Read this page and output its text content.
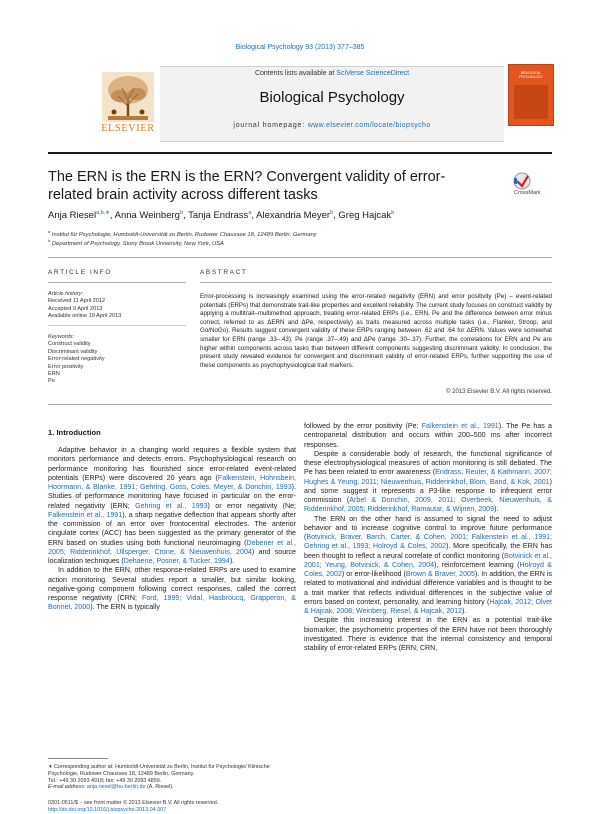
Biological Psychology 93 (2013) 377–385
Contents lists available at SciVerse ScienceDirect
Biological Psychology
journal homepage: www.elsevier.com/locate/biopsycho
ELSEVIER
BIOLOGICAL PSYCHOLOGY
The ERN is the ERN is the ERN? Convergent validity of error-related brain activity across different tasks	CrossMark
Anja Riesel$^{a,b,∗}$, Anna Weinberg$^b$, Tanja Endrass$^a$, Alexandria Meyer$^b$, Greg Hajcak$^b$
$^a$ Institut für Psychologie, Humboldt-Universität zu Berlin, Rudower Chaussee 18, 12489 Berlin, Germany
$^b$ Department of Psychology, Stony Brook University, New York, USA
ARTICLE INFO	ABSTRACT
Article history:
Received 11 April 2012
Accepted 9 April 2013
Available online 19 April 2013
Keywords:
Construct validity
Discriminant validity
Error-related negativity
Error positivity
ERN
Pe
Error-processing is increasingly examined using the error-related negativity (ERN) and error positivity (Pe) – event-related potentials (ERPs) that demonstrate trait-like properties and excellent reliability. The current study focuses on construct validity by applying a multitrait–multimethod approach, treating error-related ERPs (i.e., ERN, Pe and the difference between error minus correct, referred to as ΔERN and ΔPe, respectively) as traits measured across multiple tasks (i.e., Flanker, Stroop, and Go/NoGo). Results suggest convergent validity of these ERPs ranging between .62 and .64 for ΔERN. Values were somewhat smaller for ERN (range .33–.43). Pe (range .37–.49) and ΔPe (range .30–.37). Further, the correlations for ERN and Pe are higher within components across tasks than between different components suggesting discriminant validity. In conclusion, the present study revealed evidence for convergent and discriminant validity of error-related ERPs, further supporting the use of these components as psychophysiological trait markers.
© 2013 Elsevier B.V. All rights reserved.
1. Introduction

Adaptive behavior in a changing world requires a flexible system that monitors performance and detects errors. Psychophysiological research on performance monitoring has flourished since error-related event-related potentials (ERPs) were discovered 20 years ago (Falkenstein, Hohnsbein, Hoormann, & Blanke, 1991; Gehring, Goss, Coles, Meyer, & Donchin, 1993). Studies of performance monitoring have focused in particular on the error-related negativity (ERN; Gehring et al., 1993) or error negativity (Ne; Falkenstein et al., 1991), a sharp negative deflection that appears shortly after the commission of an error over frontocentral electrodes. The anterior cingulate cortex (ACC) has been suggested as the primary generator of the ERN based on studies using both functional neuroimaging (Debener et al., 2005; Ridderinkhof, Ullsperger, Crone, & Nieuwenhuis, 2004) and source localization techniques (Dehaene, Posner, & Tucker, 1994).

In addition to the ERN, other response-related ERPs are used to examine action monitoring. Several studies report a smaller, but similar looking, negative-going component following correct responses, called the correct response negativity (CRN; Ford, 1999; Vidal, Hasbroucq, Grapperon, & Bonnet, 2000). The ERN is typically

followed by the error positivity (Pe; Falkenstein et al., 1991). The Pe has a centroparietal distribution and occurs within 200–500 ms after incorrect responses.

Despite a considerable body of research, the functional significance of these electrophysiological measures of action monitoring is still debated. The Pe has been related to error awareness (Endrass, Reuter, & Kathmann, 2007; Hughes & Yeung, 2011; Nieuwenhuis, Ridderinkhof, Blom, Band, & Kok, 2001) and some suggest it represents a P3-like response to infrequent error commission (Arbel & Donchin, 2009, 2011; Overbeek, Nieuwenhuis, & Ridderinkhof, 2005; Ridderinkhof, Ramautar, & Wijnen, 2009).

The ERN on the other hand is assumed to signal the need to adjust behavior and to increase cognitive control to improve future performance (Botvinick, Braver, Barch, Carter, & Cohen, 2001; Falkenstein et al., 1991; Gehring et al., 1993; Holroyd & Coles, 2002). More specifically, the ERN has been thought to reflect a neural correlate of conflict monitoring (Botvinick et al., 2001; Yeung, Botvinick, & Cohen, 2004), reinforcement learning (Holroyd & Coles, 2002) or error-likelihood (Brown & Braver, 2005). In addition, the ERN is related to motivational and individual difference variables and is thought to be a trait marker that reflects individual differences in the subjective value of errors based on context, personality, and learning history (Hajcak, 2012; Olvet & Hajcak, 2008; Weinberg, Riesel, & Hajcak, 2012).

Despite this increasing interest in the ERN as a potential trait-like biomarker, the psychometric properties of the ERN have not been thoroughly investigated. There is evidence that the internal consistency and temporal stability of error-related ERPs (ERN, CRN,

∗ Corresponding author at: Humboldt-Universität zu Berlin, Institut für Psychologie/ Klinische Psychologie, Rudower Chaussee 18, 12489 Berlin, Germany.
Tel.: +49 30 2093 4918; fax: +49 30 2093 4859.
E-mail address: anja.riesel@hu-berlin.de (A. Riesel).
0301-0511/$ – see front matter © 2013 Elsevier B.V. All rights reserved.
http://dx.doi.org/10.1016/j.biopsycho.2013.04.007
